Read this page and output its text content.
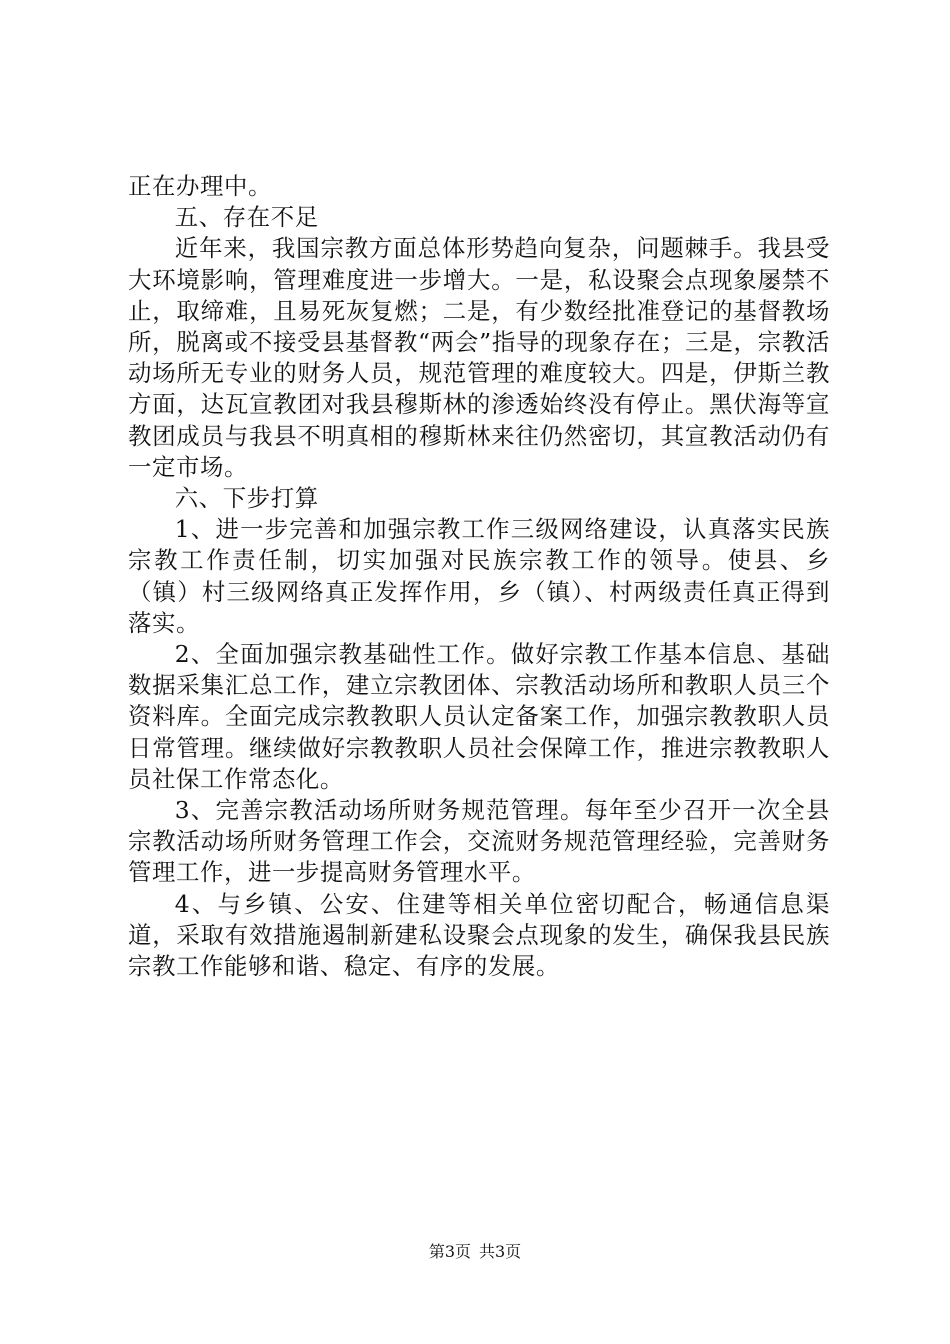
正在办理中。

五、存在不足

近年来，我国宗教方面总体形势趋向复杂，问题棘手。我县受大环境影响，管理难度进一步增大。一是，私设聚会点现象屡禁不止，取缔难，且易死灰复燃；二是，有少数经批准登记的基督教场所，脱离或不接受县基督教“两会”指导的现象存在；三是，宗教活动场所无专业的财务人员，规范管理的难度较大。四是，伊斯兰教方面，达瓦宣教团对我县穆斯林的渗透始终没有停止。黑伏海等宣教团成员与我县不明真相的穆斯林来往仍然密切，其宣教活动仍有一定市场。

六、下步打算

1、进一步完善和加强宗教工作三级网络建设，认真落实民族宗教工作责任制，切实加强对民族宗教工作的领导。使县、乡（镇）村三级网络真正发挥作用，乡（镇）、村两级责任真正得到落实。

2、全面加强宗教基础性工作。做好宗教工作基本信息、基础数据采集汇总工作，建立宗教团体、宗教活动场所和教职人员三个资料库。全面完成宗教教职人员认定备案工作，加强宗教教职人员日常管理。继续做好宗教教职人员社会保障工作，推进宗教教职人员社保工作常态化。

3、完善宗教活动场所财务规范管理。每年至少召开一次全县宗教活动场所财务管理工作会，交流财务规范管理经验，完善财务管理工作，进一步提高财务管理水平。

4、与乡镇、公安、住建等相关单位密切配合，畅通信息渠道，采取有效措施遏制新建私设聚会点现象的发生，确保我县民族宗教工作能够和谐、稳定、有序的发展。

第3页 共3页
